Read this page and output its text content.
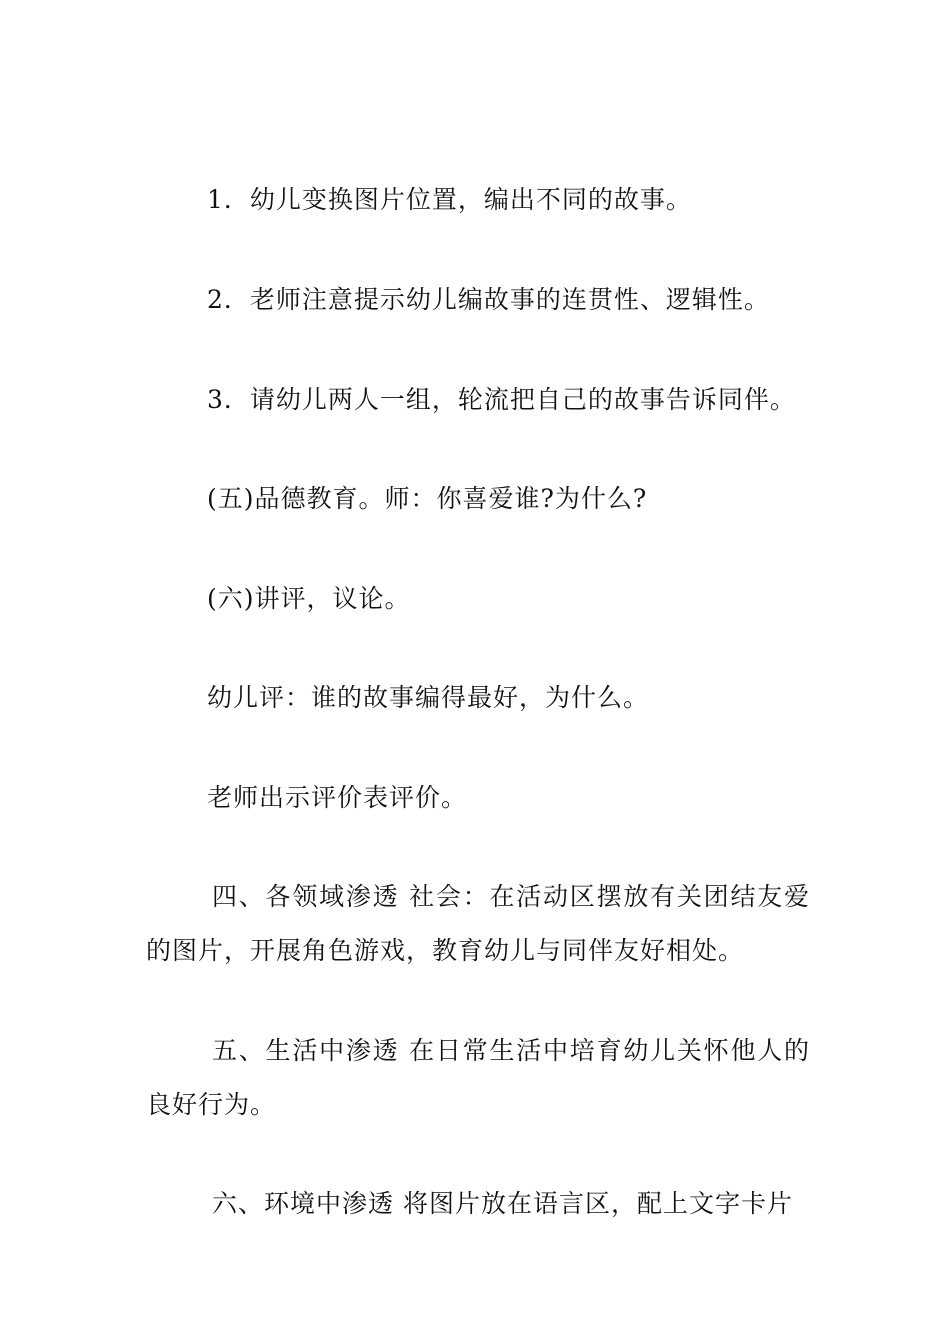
1．幼儿变换图片位置，编出不同的故事。
2．老师注意提示幼儿编故事的连贯性、逻辑性。
3．请幼儿两人一组，轮流把自己的故事告诉同伴。
(五)品德教育。师：你喜爱谁?为什么?
(六)讲评，议论。
幼儿评：谁的故事编得最好，为什么。
老师出示评价表评价。
四、各领域渗透 社会：在活动区摆放有关团结友爱的图片，开展角色游戏，教育幼儿与同伴友好相处。
五、生活中渗透 在日常生活中培育幼儿关怀他人的良好行为。
六、环境中渗透 将图片放在语言区，配上文字卡片
